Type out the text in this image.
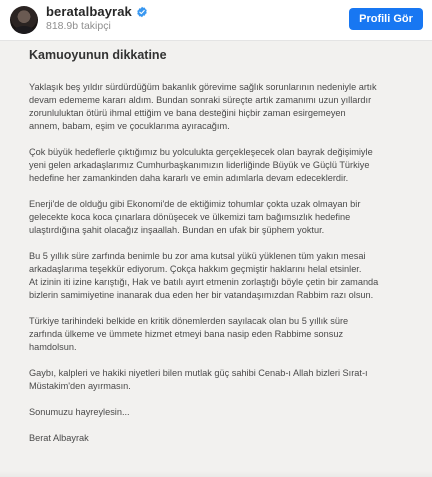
beratalbayrak
818.9b takipçi
Profili Gör
Kamuoyunun dikkatine

Yaklaşık beş yıldır sürdürdüğüm bakanlık görevime sağlık sorunlarının nedeniyle artık
devam edememe kararı aldım. Bundan sonraki süreçte artık zamanımı uzun yıllardır
zorunluluktan ötürü ihmal ettiğim ve bana desteğini hiçbir zaman esirgemeyen
annem, babam, eşim ve çocuklarıma ayıracağım.

Çok büyük hedeflerle çıktığımız bu yolculukta gerçekleşecek olan bayrak değişimiyle
yeni gelen arkadaşlarımız Cumhurbaşkanımızın liderliğinde Büyük ve Güçlü Türkiye
hedefine her zamankinden daha kararlı ve emin adımlarla devam edeceklerdir.

Enerji'de de olduğu gibi Ekonomi'de de ektiğimiz tohumlar çokta uzak olmayan bir
gelecekte koca koca çınarlara dönüşecek ve ülkemizi tam bağımsızlık hedefine
ulaştırdığına şahit olacağız inşaallah. Bundan en ufak bir şüphem yoktur.

Bu 5 yıllık süre zarfında benimle bu zor ama kutsal yükü yüklenen tüm yakın mesai
arkadaşlarıma teşekkür ediyorum. Çokça hakkım geçmiştir haklarını helal etsinler.
At izinin iti izine karıştığı, Hak ve batılı ayırt etmenin zorlaştığı böyle çetin bir zamanda
bizlerin samimiyetine inanarak dua eden her bir vatandaşımızdan Rabbim razı olsun.

Türkiye tarihindeki belkide en kritik dönemlerden sayılacak olan bu 5 yıllık süre
zarfında ülkeme ve ümmete hizmet etmeyi bana nasip eden Rabbime sonsuz
hamdolsun.

Gaybı, kalpleri ve hakiki niyetleri bilen mutlak güç sahibi Cenab-ı Allah bizleri Sırat-ı
Müstakim'den ayırmasın.

Sonumuzu hayreylesin...

Berat Albayrak
